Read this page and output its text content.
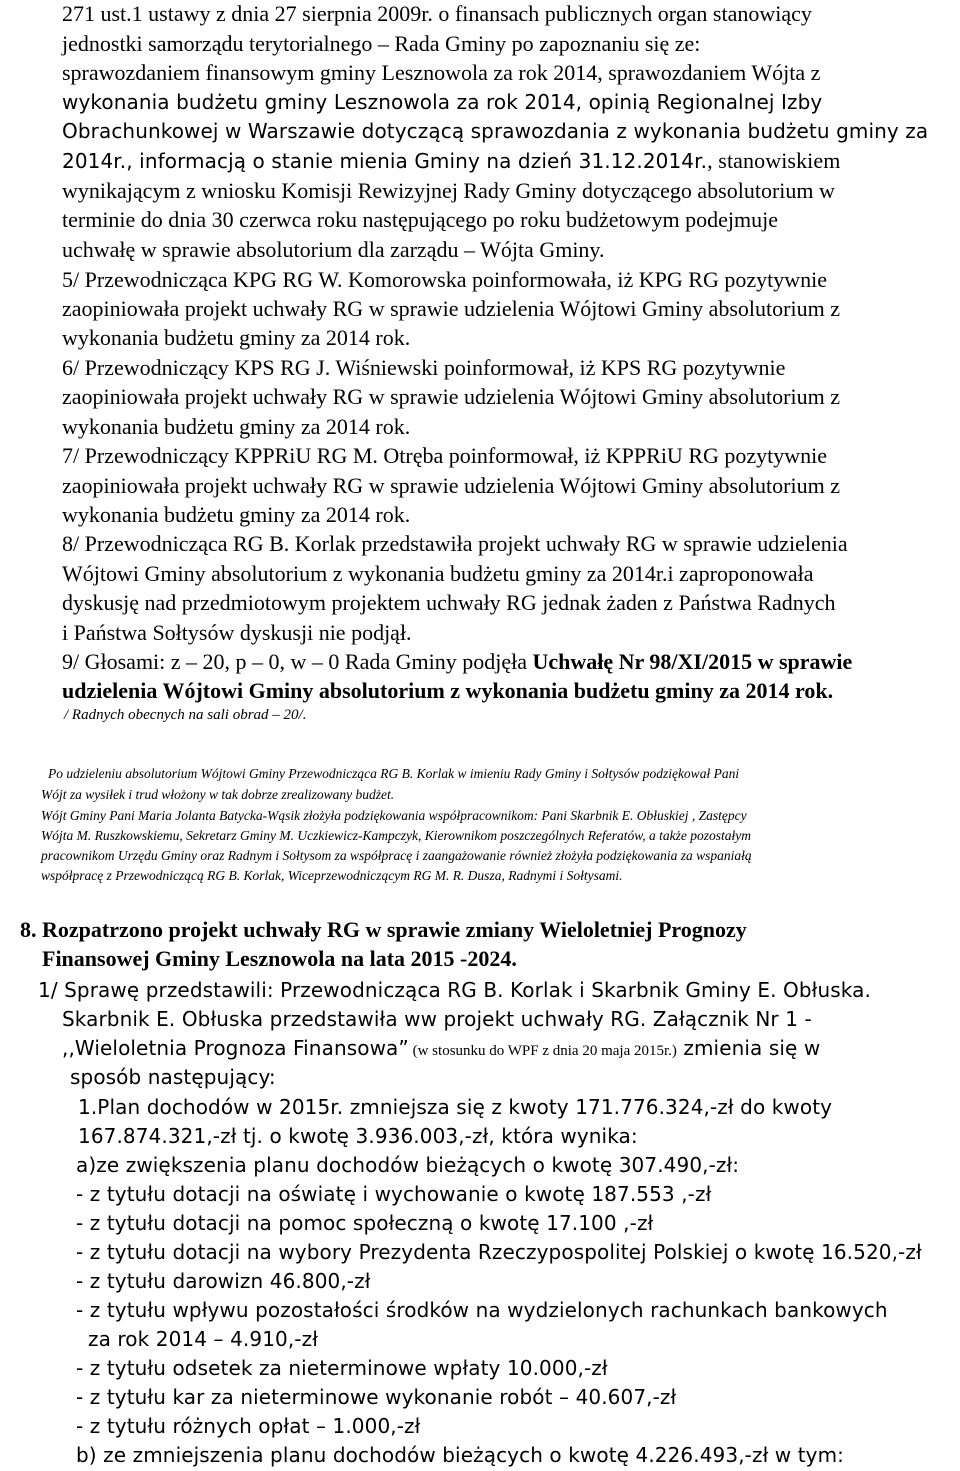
271 ust.1 ustawy z dnia 27 sierpnia 2009r. o finansach publicznych organ stanowiący
jednostki samorządu terytorialnego – Rada Gminy po zapoznaniu się ze:
sprawozdaniem finansowym gminy Lesznowola za rok 2014, sprawozdaniem Wójta z
wykonania budżetu gminy Lesznowola za rok 2014, opinią Regionalnej Izby
Obrachunkowej w Warszawie dotyczącą sprawozdania z wykonania budżetu gminy za
2014r., informacją o stanie mienia Gminy na dzień 31.12.2014r., stanowiskiem
wynikającym z wniosku Komisji Rewizyjnej Rady Gminy dotyczącego absolutorium w
terminie do dnia 30 czerwca roku następującego po roku budżetowym podejmuje
uchwałę w sprawie absolutorium dla zarządu – Wójta Gminy.
5/ Przewodnicząca KPG RG W. Komorowska poinformowała, iż KPG RG pozytywnie
zaopiniowała projekt uchwały RG w sprawie udzielenia Wójtowi Gminy absolutorium z
wykonania budżetu gminy za 2014 rok.
6/ Przewodniczący KPS RG J. Wiśniewski poinformował, iż KPS RG pozytywnie
zaopiniowała projekt uchwały RG w sprawie udzielenia Wójtowi Gminy absolutorium z
wykonania budżetu gminy za 2014 rok.
7/ Przewodniczący KPPRiU RG M. Otręba poinformował, iż KPPRiU RG pozytywnie
zaopiniowała projekt uchwały RG w sprawie udzielenia Wójtowi Gminy absolutorium z
wykonania budżetu gminy za 2014 rok.
8/ Przewodnicząca RG B. Korlak przedstawiła projekt uchwały RG w sprawie udzielenia
Wójtowi Gminy absolutorium z wykonania budżetu gminy za 2014r.i zaproponowała
dyskusję nad przedmiotowym projektem uchwały RG jednak żaden z Państwa Radnych
i Państwa Sołtysów dyskusji nie podjął.
9/ Głosami: z – 20, p – 0, w – 0 Rada Gminy podjęła Uchwałę Nr 98/XI/2015 w sprawie
udzielenia Wójtowi Gminy absolutorium z wykonania budżetu gminy za 2014 rok.
/ Radnych obecnych na sali obrad – 20/.
Po udzieleniu absolutorium Wójtowi Gminy Przewodnicząca RG B. Korlak w imieniu Rady Gminy i Sołtysów podziękował Pani
Wójt za wysiłek i trud włożony w tak dobrze zrealizowany budżet.
Wójt Gminy Pani Maria Jolanta Batycka-Wąsik złożyła podziękowania współpracownikom: Pani Skarbnik E. Obłuskiej , Zastępcy
Wójta M. Ruszkowskiemu, Sekretarz Gminy M. Uczkiewicz-Kampczyk, Kierownikom poszczególnych Referatów, a także pozostałym
pracownikom Urzędu Gminy oraz Radnym i Sołtysom za współpracę i zaangażowanie również złożyła podziękowania za wspaniałą
współpracę z Przewodniczącą RG B. Korlak, Wiceprzewodniczącym RG M. R. Dusza, Radnymi i Sołtysami.
8. Rozpatrzono projekt uchwały RG w sprawie zmiany Wieloletniej Prognozy
Finansowej Gminy Lesznowola na lata 2015 -2024.
1/ Sprawę przedstawili: Przewodnicząca RG B. Korlak i Skarbnik Gminy E. Obłuska.
Skarbnik E. Obłuska przedstawiła ww projekt uchwały RG. Załącznik Nr 1 -
,,Wieloletnia Prognoza Finansowa” (w stosunku do WPF z dnia 20 maja 2015r.) zmienia się w
sposób następujący:
1.Plan dochodów w 2015r. zmniejsza się z kwoty 171.776.324,-zł do kwoty
167.874.321,-zł tj. o kwotę 3.936.003,-zł, która wynika:
a)ze zwiększenia planu dochodów bieżących o kwotę 307.490,-zł:
- z tytułu dotacji na oświatę i wychowanie o kwotę 187.553 ,-zł
- z tytułu dotacji na pomoc społeczną o kwotę 17.100 ,-zł
- z tytułu dotacji na wybory Prezydenta Rzeczypospolitej Polskiej o kwotę 16.520,-zł
- z tytułu darowizn 46.800,-zł
- z tytułu wpływu pozostałości środków na wydzielonych rachunkach bankowych
za rok 2014 – 4.910,-zł
- z tytułu odsetek za nieterminowe wpłaty 10.000,-zł
- z tytułu kar za nieterminowe wykonanie robót – 40.607,-zł
- z tytułu różnych opłat – 1.000,-zł
b) ze zmniejszenia planu dochodów bieżących o kwotę 4.226.493,-zł w tym:
